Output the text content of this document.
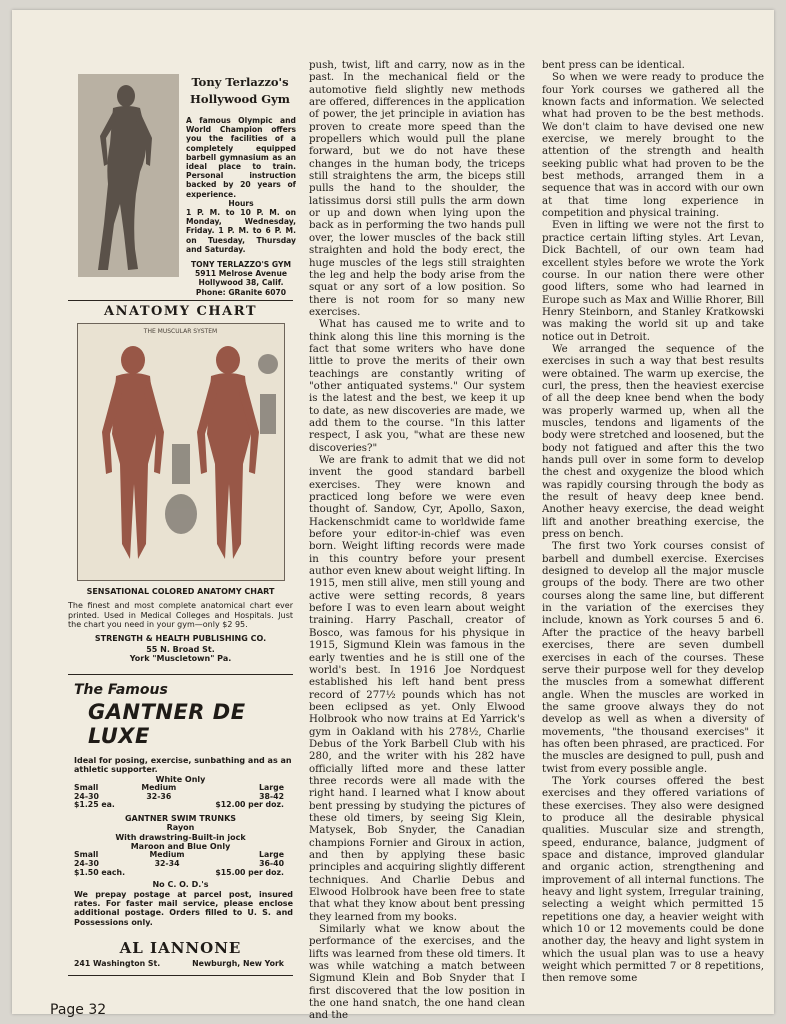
Tony Terlazzo's
Hollywood Gym
A famous Olympic and World Champion offers you the facilities of a completely equipped barbell gymnasium as an ideal place to train. Personal instruction backed by 20 years of experience.
Hours
1 P. M. to 10 P. M. on Monday, Wednesday, Friday. 1 P. M. to 6 P. M. on Tuesday, Thursday and Saturday.
TONY TERLAZZO'S GYM
5911 Melrose Avenue
Hollywood 38, Calif.
Phone: GRanite 6070
ANATOMY CHART
THE MUSCULAR SYSTEM
SENSATIONAL COLORED ANATOMY CHART
The finest and most complete anatomical chart ever printed. Used in Medical Colleges and Hospitals. Just the chart you need in your gym—only $2 95.
STRENGTH & HEALTH PUBLISHING CO.
55 N. Broad St.
York "Muscletown" Pa.
The Famous
GANTNER DE LUXE
Ideal for posing, exercise, sunbathing and as an athletic supporter.
White Only
Small	Medium	Large
24-30	32-36	38-42
$1.25 ea.		$12.00 per doz.
GANTNER SWIM TRUNKS
Rayon
With drawstring-Built-in jock
Maroon and Blue Only
Small	Medium	Large
24-30	32-34	36-40
$1.50 each.		$15.00 per doz.
No C. O. D.'s
We prepay postage at parcel post, insured rates. For faster mail service, please enclose additional postage. Orders filled to U. S. and Possessions only.
AL IANNONE
241 Washington St.	Newburgh, New York

push, twist, lift and carry, now as in the past. In the mechanical field or the automotive field slightly new methods are offered, differences in the application of power, the jet principle in aviation has proven to create more speed than the propellers which would pull the plane forward, but we do not have these changes in the human body, the triceps still straightens the arm, the biceps still pulls the hand to the shoulder, the latissimus dorsi still pulls the arm down or up and down when lying upon the back as in performing the two hands pull over, the lower muscles of the back still straighten and hold the body erect, the huge muscles of the legs still straighten the leg and help the body arise from the squat or any sort of a low position. So there is not room for so many new exercises.

What has caused me to write and to think along this line this morning is the fact that some writers who have done little to prove the merits of their own teachings are constantly writing of "other antiquated systems." Our system is the latest and the best, we keep it up to date, as new discoveries are made, we add them to the course. "In this latter respect, I ask you, "what are these new discoveries?"

We are frank to admit that we did not invent the good standard barbell exercises. They were known and practiced long before we were even thought of. Sandow, Cyr, Apollo, Saxon, Hackenschmidt came to worldwide fame before your editor-in-chief was even born. Weight lifting records were made in this country before your present author even knew about weight lifting. In 1915, men still alive, men still young and active were setting records, 8 years before I was to even learn about weight training. Harry Paschall, creator of Bosco, was famous for his physique in 1915, Sigmund Klein was famous in the early twenties and he is still one of the world's best. In 1916 Joe Nordquest established his left hand bent press record of 277½ pounds which has not been eclipsed as yet. Only Elwood Holbrook who now trains at Ed Yarrick's gym in Oakland with his 278½, Charlie Debus of the York Barbell Club with his 280, and the writer with his 282 have officially lifted more and these latter three records were all made with the right hand. I learned what I know about bent pressing by studying the pictures of these old timers, by seeing Sig Klein, Matysek, Bob Snyder, the Canadian champions Fornier and Giroux in action, and then by applying these basic principles and acquiring slightly different techniques. And Charlie Debus and Elwood Holbrook have been free to state that what they know about bent pressing they learned from my books.

Similarly what we know about the performance of the exercises, and the lifts was learned from these old timers. It was while watching a match between Sigmund Klein and Bob Snyder that I first discovered that the low position in the one hand snatch, the one hand clean and the

bent press can be identical.

So when we were ready to produce the four York courses we gathered all the known facts and information. We selected what had proven to be the best methods. We don't claim to have devised one new exercise, we merely brought to the attention of the strength and health seeking public what had proven to be the best methods, arranged them in a sequence that was in accord with our own at that time long experience in competition and physical training.

Even in lifting we were not the first to practice certain lifting styles. Art Levan, Dick Bachtell, of our own team had excellent styles before we wrote the York course. In our nation there were other good lifters, some who had learned in Europe such as Max and Willie Rhorer, Bill Henry Steinborn, and Stanley Kratkowski was making the world sit up and take notice out in Detroit.

We arranged the sequence of the exercises in such a way that best results were obtained. The warm up exercise, the curl, the press, then the heaviest exercise of all the deep knee bend when the body was properly warmed up, when all the muscles, tendons and ligaments of the body were stretched and loosened, but the body not fatigued and after this the two hands pull over in some form to develop the chest and oxygenize the blood which was rapidly coursing through the body as the result of heavy deep knee bend. Another heavy exercise, the dead weight lift and another breathing exercise, the press on bench.

The first two York courses consist of barbell and dumbell exercise. Exercises designed to develop all the major muscle groups of the body. There are two other courses along the same line, but different in the variation of the exercises they include, known as York courses 5 and 6. After the practice of the heavy barbell exercises, there are seven dumbell exercises in each of the courses. These serve their purpose well for they develop the muscles from a somewhat different angle. When the muscles are worked in the same groove always they do not develop as well as when a diversity of movements, "the thousand exercises" it has often been phrased, are practiced. For the muscles are designed to pull, push and twist from every possible angle.

The York courses offered the best exercises and they offered variations of these exercises. They also were designed to produce all the desirable physical qualities. Muscular size and strength, speed, endurance, balance, judgment of space and distance, improved glandular and organic action, strengthening and improvement of all internal functions. The heavy and light system, Irregular training, selecting a weight which permitted 15 repetitions one day, a heavier weight with which 10 or 12 movements could be done another day, the heavy and light system in which the usual plan was to use a heavy weight which permitted 7 or 8 repetitions, then remove some

Page 32
